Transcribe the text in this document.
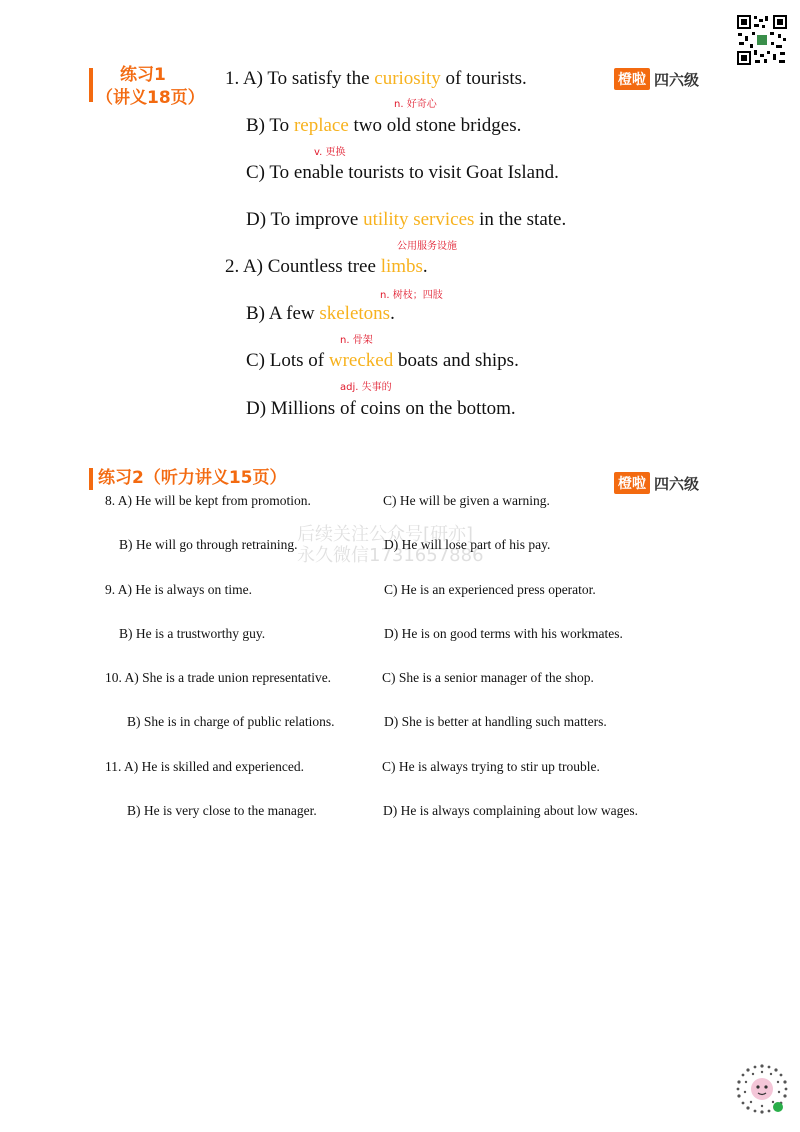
练习1
（讲义18页）
橙啦 四六级
1. A) To satisfy the curiosity of tourists.
n. 好奇心
B) To replace two old stone bridges.
v. 更换
C) To enable tourists to visit Goat Island.
D) To improve utility services in the state.
公用服务设施
2. A) Countless tree limbs.
n. 树枝；四肢
B) A few skeletons.
n. 骨架
C) Lots of wrecked boats and ships.
adj. 失事的
D) Millions of coins on the bottom.
练习2（听力讲义15页）	橙啦 四六级
后续关注公众号[研亦]
永久微信1731657886
8. A) He will be kept from promotion.	C) He will be given a warning.
B) He will go through retraining.	D) He will lose part of his pay.
9. A) He is always on time.	C) He is an experienced press operator.
B) He is a trustworthy guy.	D) He is on good terms with his workmates.
10. A) She is a trade union representative.	C) She is a senior manager of the shop.
B) She is in charge of public relations.	D) She is better at handling such matters.
11. A) He is skilled and experienced.	C) He is always trying to stir up trouble.
B) He is very close to the manager.	D) He is always complaining about low wages.
